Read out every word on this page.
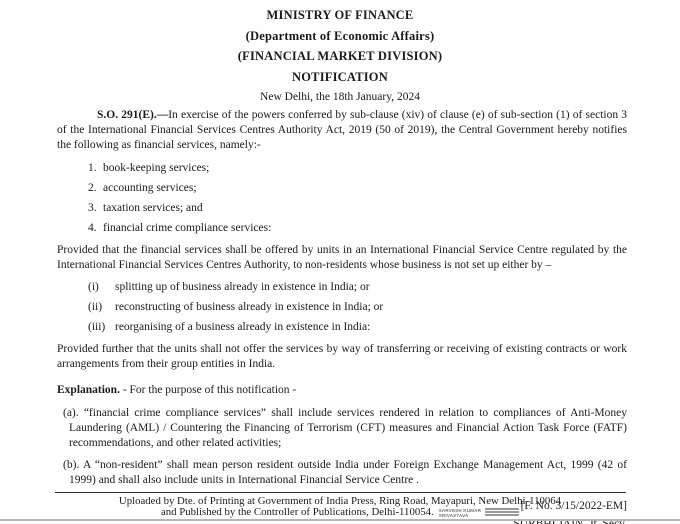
MINISTRY OF FINANCE
(Department of Economic Affairs)
(FINANCIAL MARKET DIVISION)
NOTIFICATION
New Delhi, the 18th January, 2024

S.O. 291(E).—In exercise of the powers conferred by sub-clause (xiv) of clause (e) of sub-section (1) of section 3 of the International Financial Services Centres Authority Act, 2019 (50 of 2019), the Central Government hereby notifies the following as financial services, namely:-

1. book-keeping services;
2. accounting services;
3. taxation services; and
4. financial crime compliance services:

Provided that the financial services shall be offered by units in an International Financial Service Centre regulated by the International Financial Services Centres Authority, to non-residents whose business is not set up either by –

(i)	splitting up of business already in existence in India; or
(ii)	reconstructing of business already in existence in India; or
(iii) reorganising of a business already in existence in India:

Provided further that the units shall not offer the services by way of transferring or receiving of existing contracts or work arrangements from their group entities in India.

Explanation. - For the purpose of this notification -

(a). “financial crime compliance services” shall include services rendered in relation to compliances of Anti-Money Laundering (AML) / Countering the Financing of Terrorism (CFT) measures and Financial Action Task Force (FATF) recommendations, and other related activities;

(b). A “non-resident” shall mean person resident outside India under Foreign Exchange Management Act, 1999 (42 of 1999) and shall also include units in International Financial Service Centre .

[F. No. 3/15/2022-EM]

Uploaded by Dte. of Printing at Government of India Press, Ring Road, Mayapuri, New Delhi-110064
and Published by the Controller of Publications, Delhi-110054. SARVESH KUMAR
SRIVASTAVA
